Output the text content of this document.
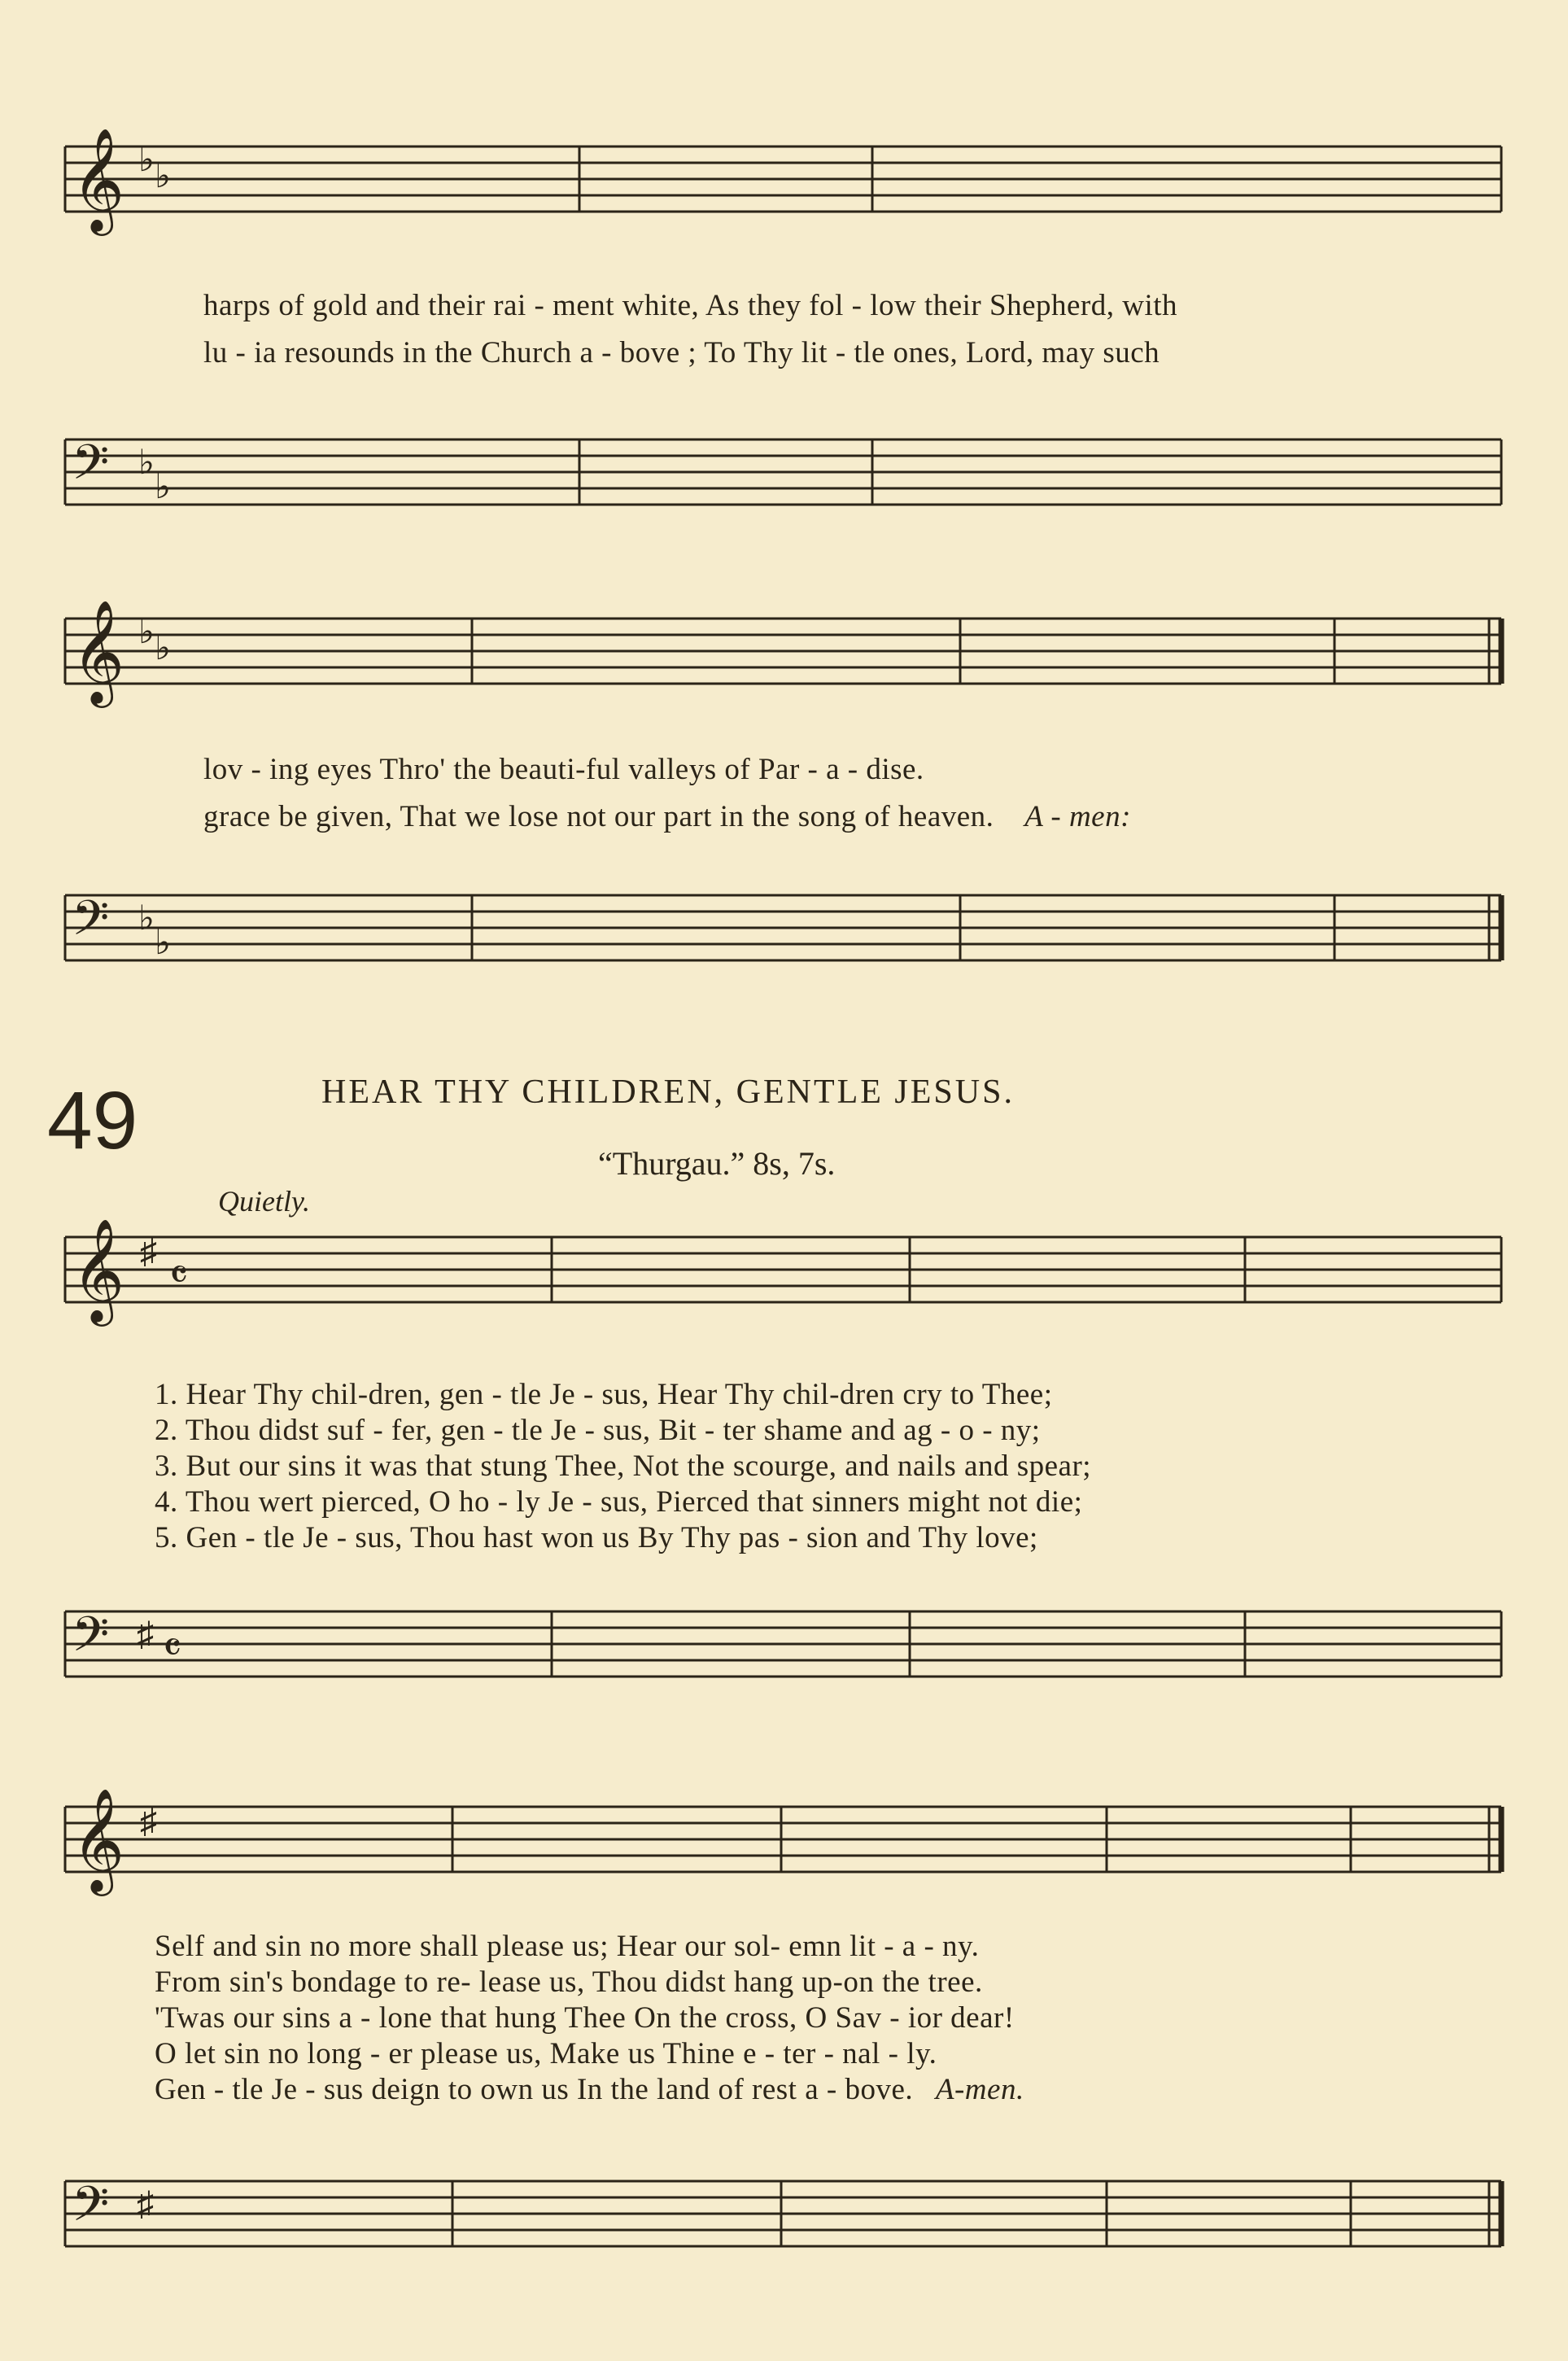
𝄞 ♭ ♭
harps of gold and their rai - ment white, As they fol - low their Shepherd, with
lu - ia resounds in the Church a - bove ; To Thy lit - tle ones, Lord, may such
𝄢 ♭
♭
𝄞 ♭ ♭
lov - ing eyes Thro' the beauti-ful valleys of Par - a - dise.
grace be given, That we lose not our part in the song of heaven. A - men:
𝄢 ♭
♭
49	HEAR THY CHILDREN, GENTLE JESUS.
“Thurgau.” 8s, 7s.
Quietly.
𝄞 ♯ 𝄴
1. Hear Thy chil-dren, gen - tle Je - sus, Hear Thy chil-dren cry to Thee;
2. Thou didst suf - fer, gen - tle Je - sus, Bit - ter shame and ag - o - ny;
3. But our sins it was that stung Thee, Not the scourge, and nails and spear;
4. Thou wert pierced, O ho - ly Je - sus, Pierced that sinners might not die;
5. Gen - tle Je - sus, Thou hast won us By Thy pas - sion and Thy love;
𝄢 ♯ 𝄴
𝄞 ♯
Self and sin no more shall please us; Hear our sol- emn lit - a - ny.
From sin's bondage to re- lease us, Thou didst hang up-on the tree.
'Twas our sins a - lone that hung Thee On the cross, O Sav - ior dear!
O let sin no long - er please us, Make us Thine e - ter - nal - ly.
Gen - tle Je - sus deign to own us In the land of rest a - bove. A-men.
𝄢 ♯
